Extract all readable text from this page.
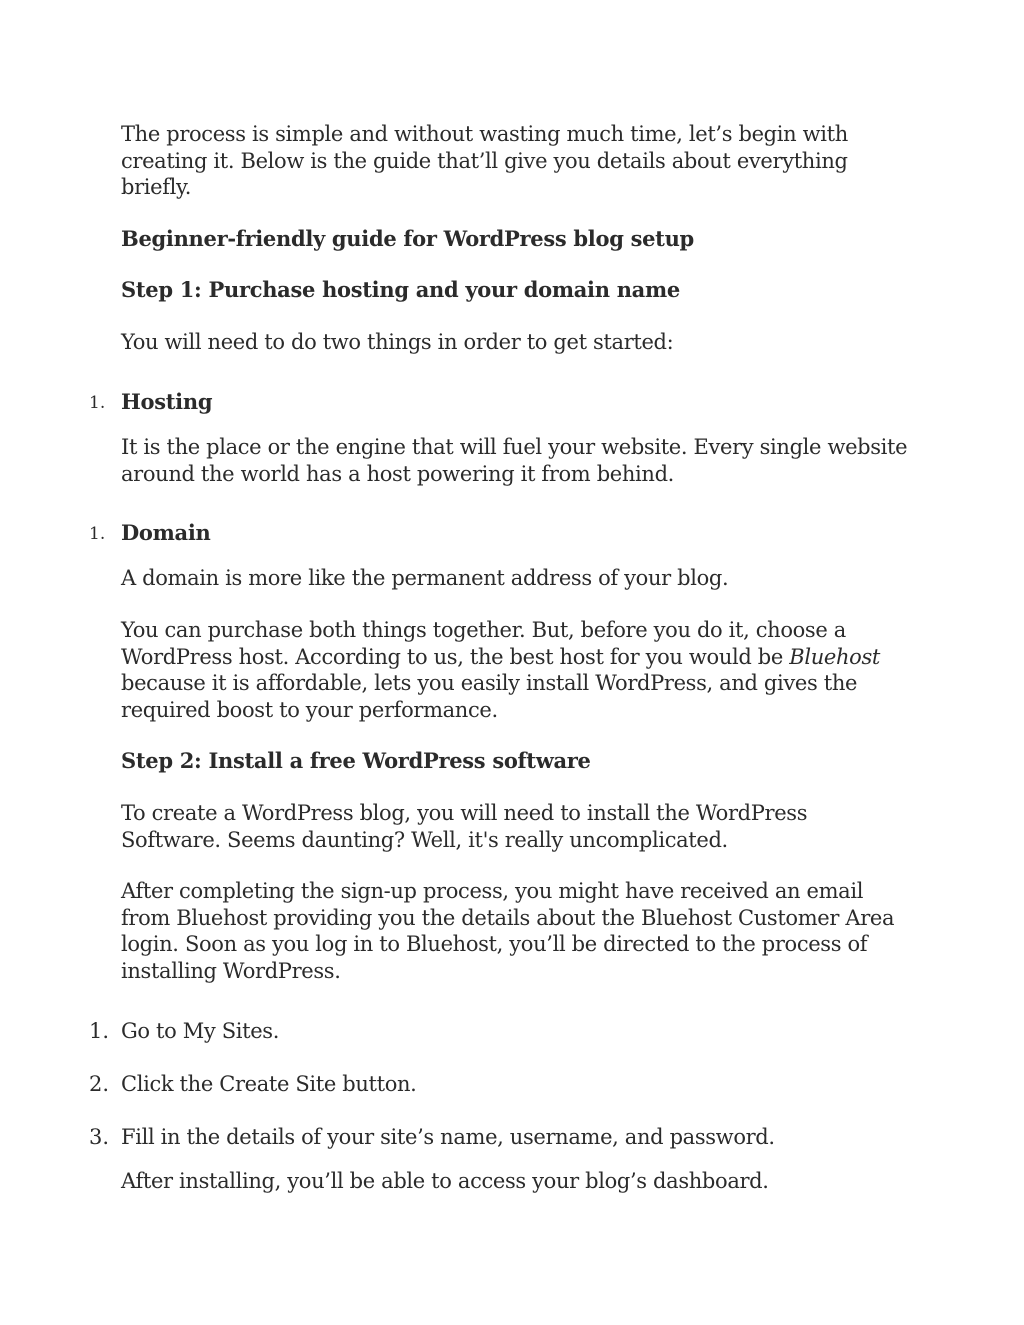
The process is simple and without wasting much time, let’s begin with creating it. Below is the guide that’ll give you details about everything briefly.

Beginner-friendly guide for WordPress blog setup

Step 1: Purchase hosting and your domain name

You will need to do two things in order to get started:

1. Hosting

It is the place or the engine that will fuel your website. Every single website around the world has a host powering it from behind.

1. Domain

A domain is more like the permanent address of your blog.

You can purchase both things together. But, before you do it, choose a WordPress host. According to us, the best host for you would be Bluehost because it is affordable, lets you easily install WordPress, and gives the required boost to your performance.

Step 2: Install a free WordPress software

To create a WordPress blog, you will need to install the WordPress Software. Seems daunting? Well, it's really uncomplicated.

After completing the sign-up process, you might have received an email from Bluehost providing you the details about the Bluehost Customer Area login. Soon as you log in to Bluehost, you’ll be directed to the process of installing WordPress.

1. Go to My Sites.

2. Click the Create Site button.

3. Fill in the details of your site’s name, username, and password.

After installing, you’ll be able to access your blog’s dashboard.
